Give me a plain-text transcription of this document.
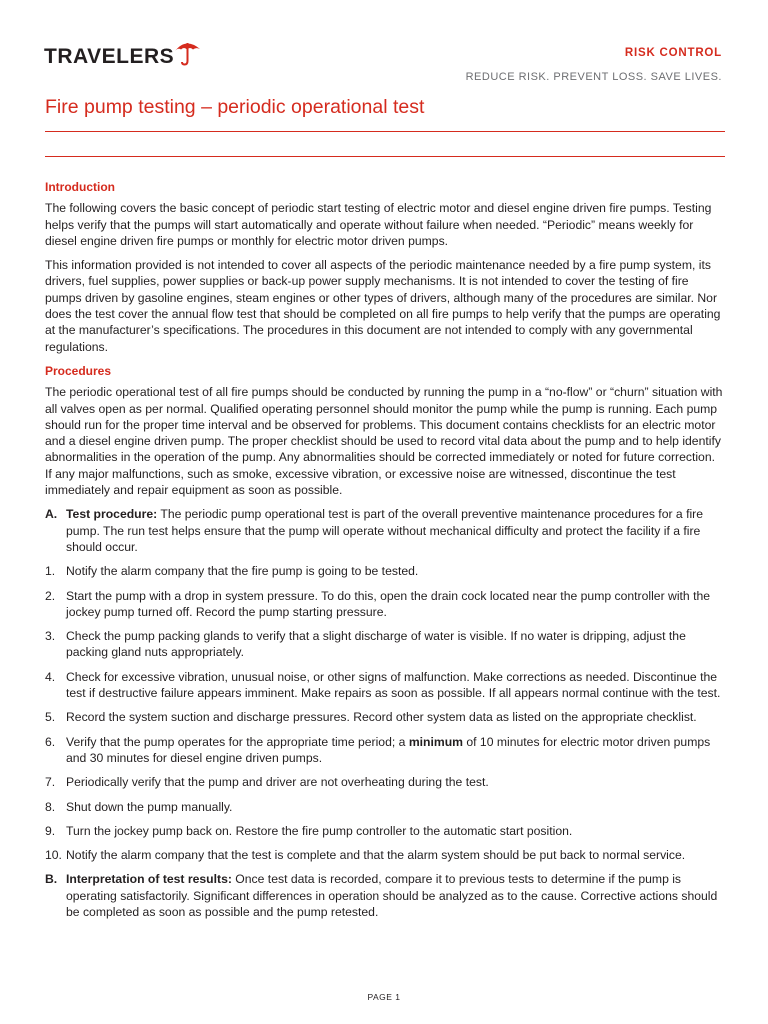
TRAVELERS	RISK CONTROL
REDUCE RISK. PREVENT LOSS. SAVE LIVES.
Fire pump testing – periodic operational test
Introduction

The following covers the basic concept of periodic start testing of electric motor and diesel engine driven fire pumps. Testing helps verify that the pumps will start automatically and operate without failure when needed. “Periodic” means weekly for diesel engine driven fire pumps or monthly for electric motor driven pumps.

This information provided is not intended to cover all aspects of the periodic maintenance needed by a fire pump system, its drivers, fuel supplies, power supplies or back-up power supply mechanisms. It is not intended to cover the testing of fire pumps driven by gasoline engines, steam engines or other types of drivers, although many of the procedures are similar. Nor does the test cover the annual flow test that should be completed on all fire pumps to help verify that the pumps are operating at the manufacturer’s specifications. The procedures in this document are not intended to comply with any governmental regulations.

Procedures

The periodic operational test of all fire pumps should be conducted by running the pump in a “no-flow” or “churn” situation with all valves open as per normal. Qualified operating personnel should monitor the pump while the pump is running. Each pump should run for the proper time interval and be observed for problems. This document contains checklists for an electric motor and a diesel engine driven pump. The proper checklist should be used to record vital data about the pump and to help identify abnormalities in the operation of the pump. Any abnormalities should be corrected immediately or noted for future correction. If any major malfunctions, such as smoke, excessive vibration, or excessive noise are witnessed, discontinue the test immediately and repair equipment as soon as possible.

A. Test procedure: The periodic pump operational test is part of the overall preventive maintenance procedures for a fire pump. The run test helps ensure that the pump will operate without mechanical difficulty and protect the facility if a fire should occur.
1. Notify the alarm company that the fire pump is going to be tested.
2. Start the pump with a drop in system pressure. To do this, open the drain cock located near the pump controller with the jockey pump turned off. Record the pump starting pressure.
3. Check the pump packing glands to verify that a slight discharge of water is visible. If no water is dripping, adjust the packing gland nuts appropriately.
4. Check for excessive vibration, unusual noise, or other signs of malfunction. Make corrections as needed. Discontinue the test if destructive failure appears imminent. Make repairs as soon as possible. If all appears normal continue with the test.
5. Record the system suction and discharge pressures. Record other system data as listed on the appropriate checklist.
6. Verify that the pump operates for the appropriate time period; a minimum of 10 minutes for electric motor driven pumps and 30 minutes for diesel engine driven pumps.
7. Periodically verify that the pump and driver are not overheating during the test.
8. Shut down the pump manually.
9. Turn the jockey pump back on. Restore the fire pump controller to the automatic start position.
10. Notify the alarm company that the test is complete and that the alarm system should be put back to normal service.
B. Interpretation of test results: Once test data is recorded, compare it to previous tests to determine if the pump is operating satisfactorily. Significant differences in operation should be analyzed as to the cause. Corrective actions should be completed as soon as possible and the pump retested.
PAGE 1
